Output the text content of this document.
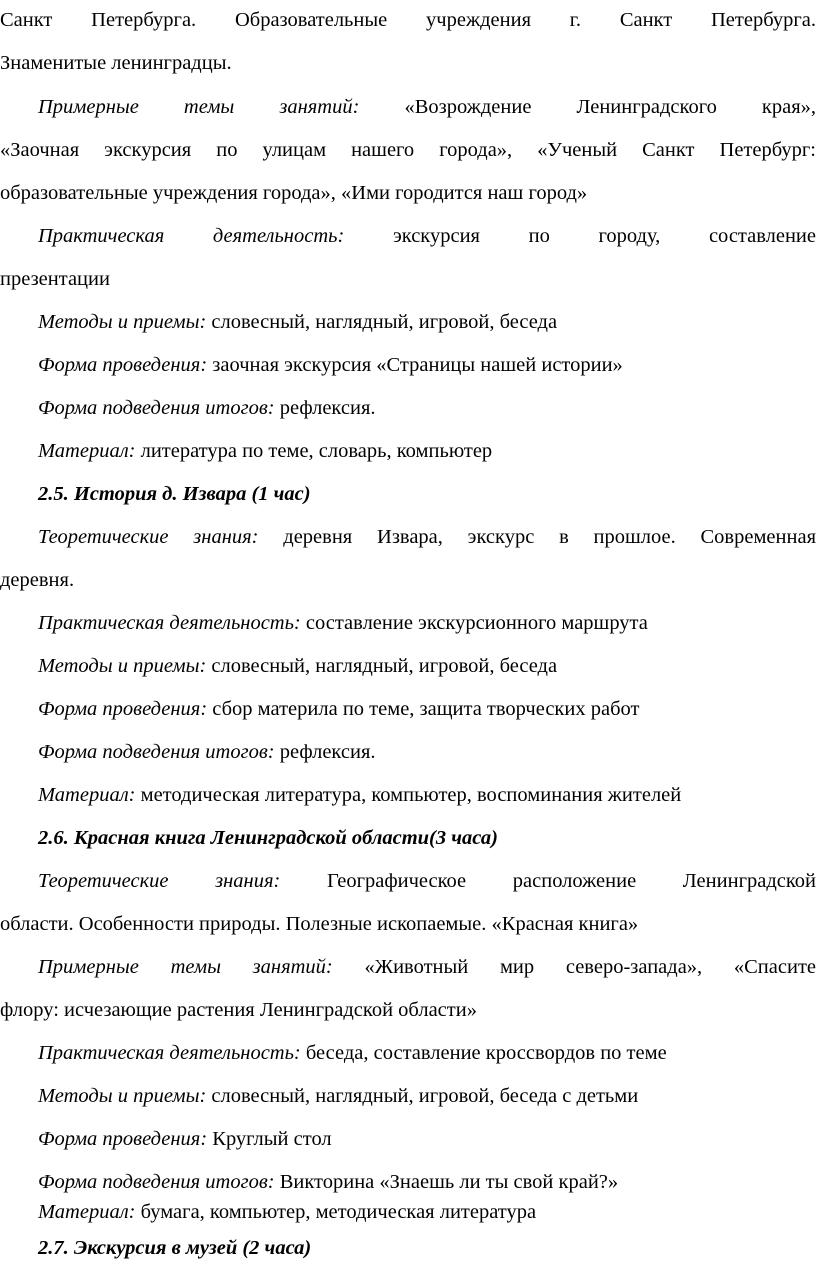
Санкт Петербурга. Образовательные учреждения г. Санкт Петербурга.
Знаменитые ленинградцы.
Примерные темы занятий: «Возрождение Ленинградского края»,
«Заочная экскурсия по улицам нашего города», «Ученый Санкт Петербург:
образовательные учреждения города», «Ими городится наш город»
Практическая деятельность: экскурсия по городу, составление
презентации
Методы и приемы: словесный, наглядный, игровой, беседа
Форма проведения: заочная экскурсия «Страницы нашей истории»
Форма подведения итогов: рефлексия.
Материал: литература по теме, словарь, компьютер
2.5. История д. Извара (1 час)
Теоретические знания: деревня Извара, экскурс в прошлое. Современная
деревня.
Практическая деятельность: составление экскурсионного маршрута
Методы и приемы: словесный, наглядный, игровой, беседа
Форма проведения: сбор материла по теме, защита творческих работ
Форма подведения итогов: рефлексия.
Материал: методическая литература, компьютер, воспоминания жителей
2.6. Красная книга Ленинградской области(3 часа)
Теоретические знания: Географическое расположение Ленинградской
области. Особенности природы. Полезные ископаемые. «Красная книга»
Примерные темы занятий: «Животный мир северо-запада», «Спасите
флору: исчезающие растения Ленинградской области»
Практическая деятельность: беседа, составление кроссвордов по теме
Методы и приемы: словесный, наглядный, игровой, беседа с детьми
Форма проведения: Круглый стол
Форма подведения итогов: Викторина «Знаешь ли ты свой край?»
Материал: бумага, компьютер, методическая литература
2.7. Экскурсия в музей (2 часа)
